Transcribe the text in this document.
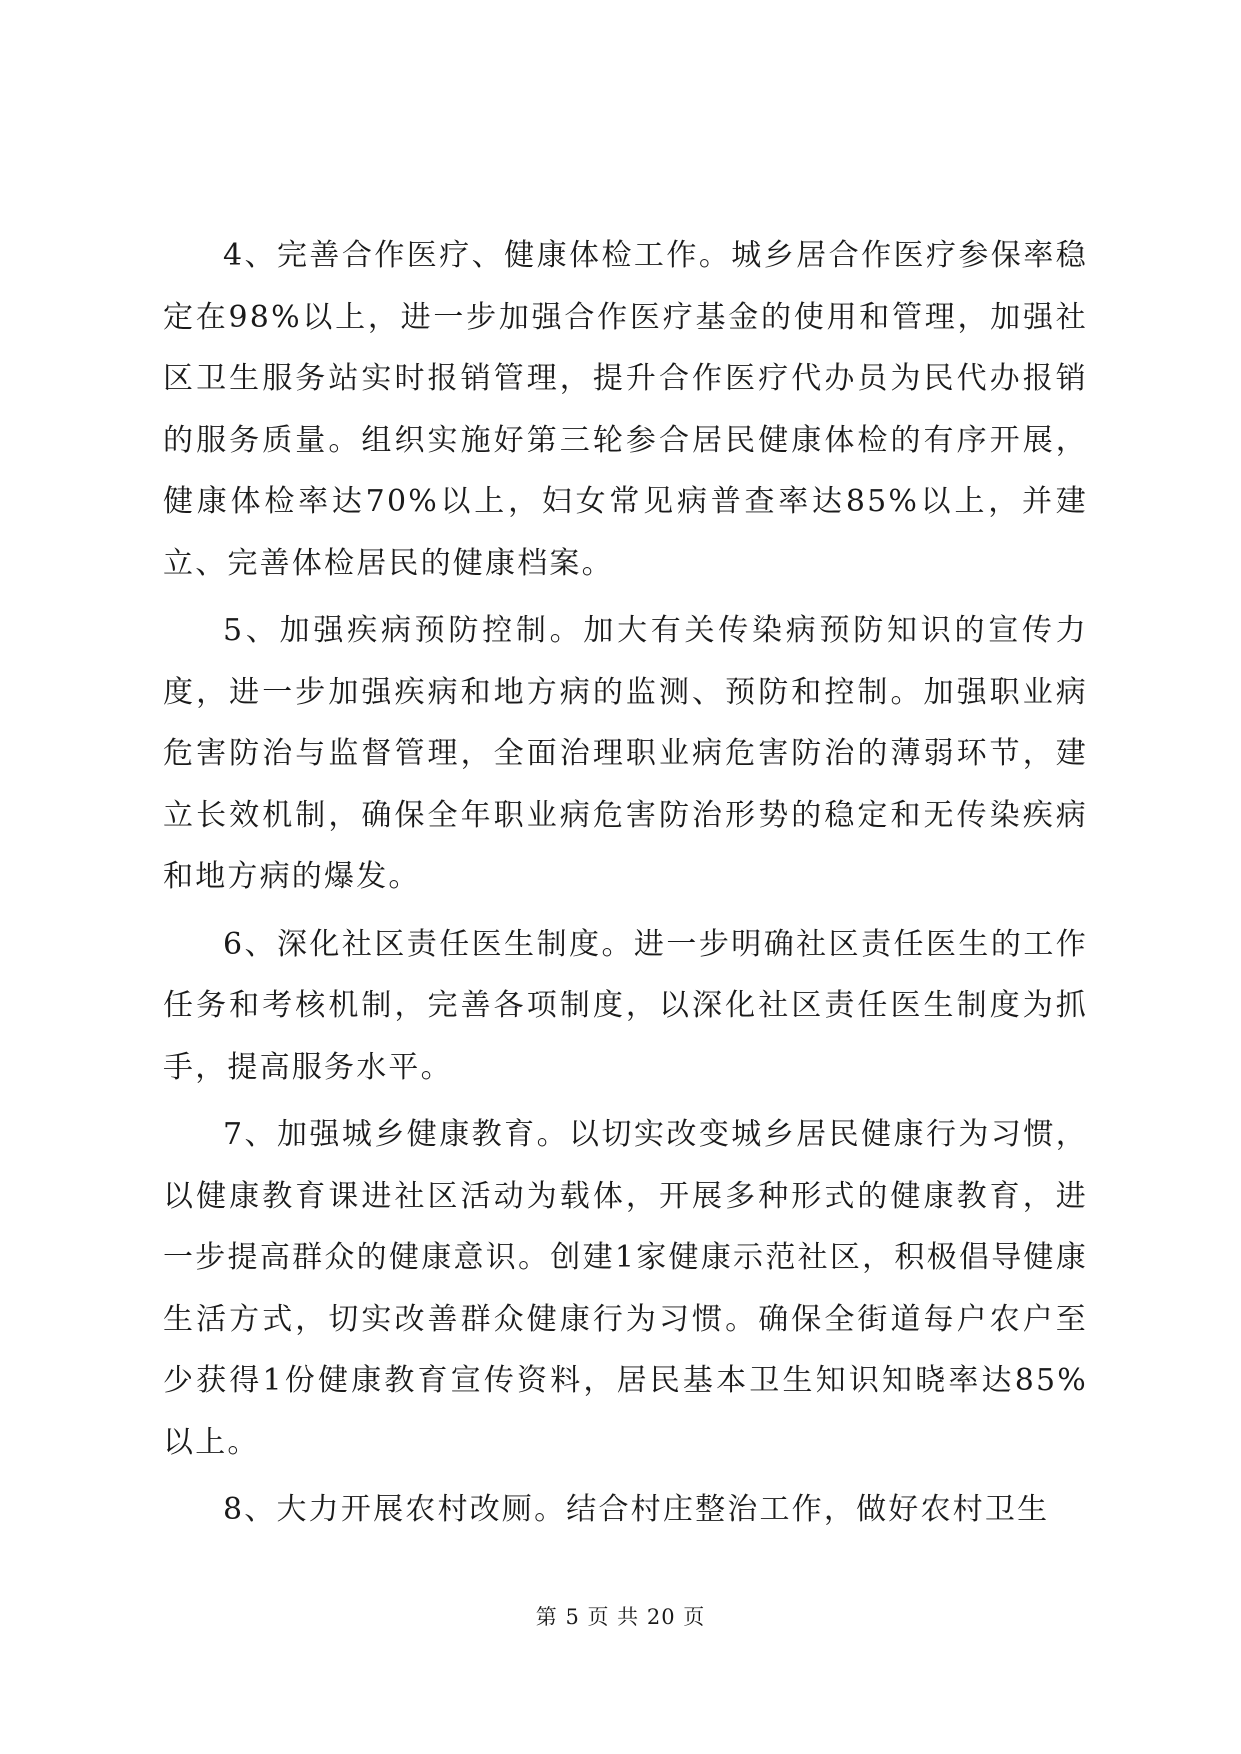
4、完善合作医疗、健康体检工作。城乡居合作医疗参保率稳定在98%以上，进一步加强合作医疗基金的使用和管理，加强社区卫生服务站实时报销管理，提升合作医疗代办员为民代办报销的服务质量。组织实施好第三轮参合居民健康体检的有序开展，健康体检率达70%以上，妇女常见病普查率达85%以上，并建立、完善体检居民的健康档案。

5、加强疾病预防控制。加大有关传染病预防知识的宣传力度，进一步加强疾病和地方病的监测、预防和控制。加强职业病危害防治与监督管理，全面治理职业病危害防治的薄弱环节，建立长效机制，确保全年职业病危害防治形势的稳定和无传染疾病和地方病的爆发。

6、深化社区责任医生制度。进一步明确社区责任医生的工作任务和考核机制，完善各项制度，以深化社区责任医生制度为抓手，提高服务水平。

7、加强城乡健康教育。以切实改变城乡居民健康行为习惯，以健康教育课进社区活动为载体，开展多种形式的健康教育，进一步提高群众的健康意识。创建1家健康示范社区，积极倡导健康生活方式，切实改善群众健康行为习惯。确保全街道每户农户至少获得1份健康教育宣传资料，居民基本卫生知识知晓率达85%以上。

8、大力开展农村改厕。结合村庄整治工作，做好农村卫生

第 5 页 共 20 页
